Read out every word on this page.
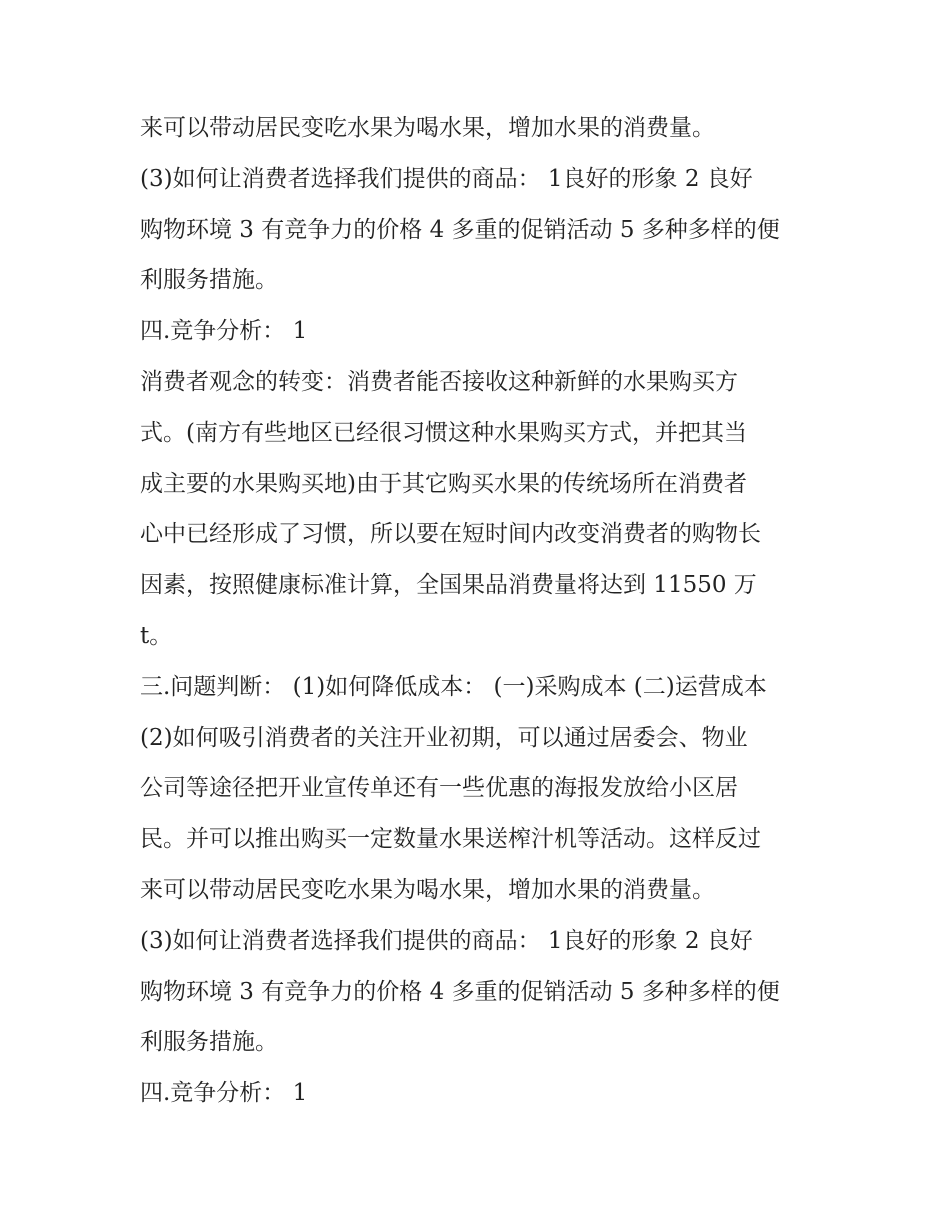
来可以带动居民变吃水果为喝水果，增加水果的消费量。
(3)如何让消费者选择我们提供的商品： 1良好的形象 2 良好
购物环境 3 有竞争力的价格 4 多重的促销活动 5 多种多样的便
利服务措施。
四.竞争分析： 1
消费者观念的转变：消费者能否接收这种新鲜的水果购买方
式。(南方有些地区已经很习惯这种水果购买方式，并把其当
成主要的水果购买地)由于其它购买水果的传统场所在消费者
心中已经形成了习惯，所以要在短时间内改变消费者的购物长
因素，按照健康标准计算，全国果品消费量将达到 11550 万
t。
三.问题判断： (1)如何降低成本： (一)采购成本 (二)运营成本
(2)如何吸引消费者的关注开业初期，可以通过居委会、物业
公司等途径把开业宣传单还有一些优惠的海报发放给小区居
民。并可以推出购买一定数量水果送榨汁机等活动。这样反过
来可以带动居民变吃水果为喝水果，增加水果的消费量。
(3)如何让消费者选择我们提供的商品： 1良好的形象 2 良好
购物环境 3 有竞争力的价格 4 多重的促销活动 5 多种多样的便
利服务措施。
四.竞争分析： 1
